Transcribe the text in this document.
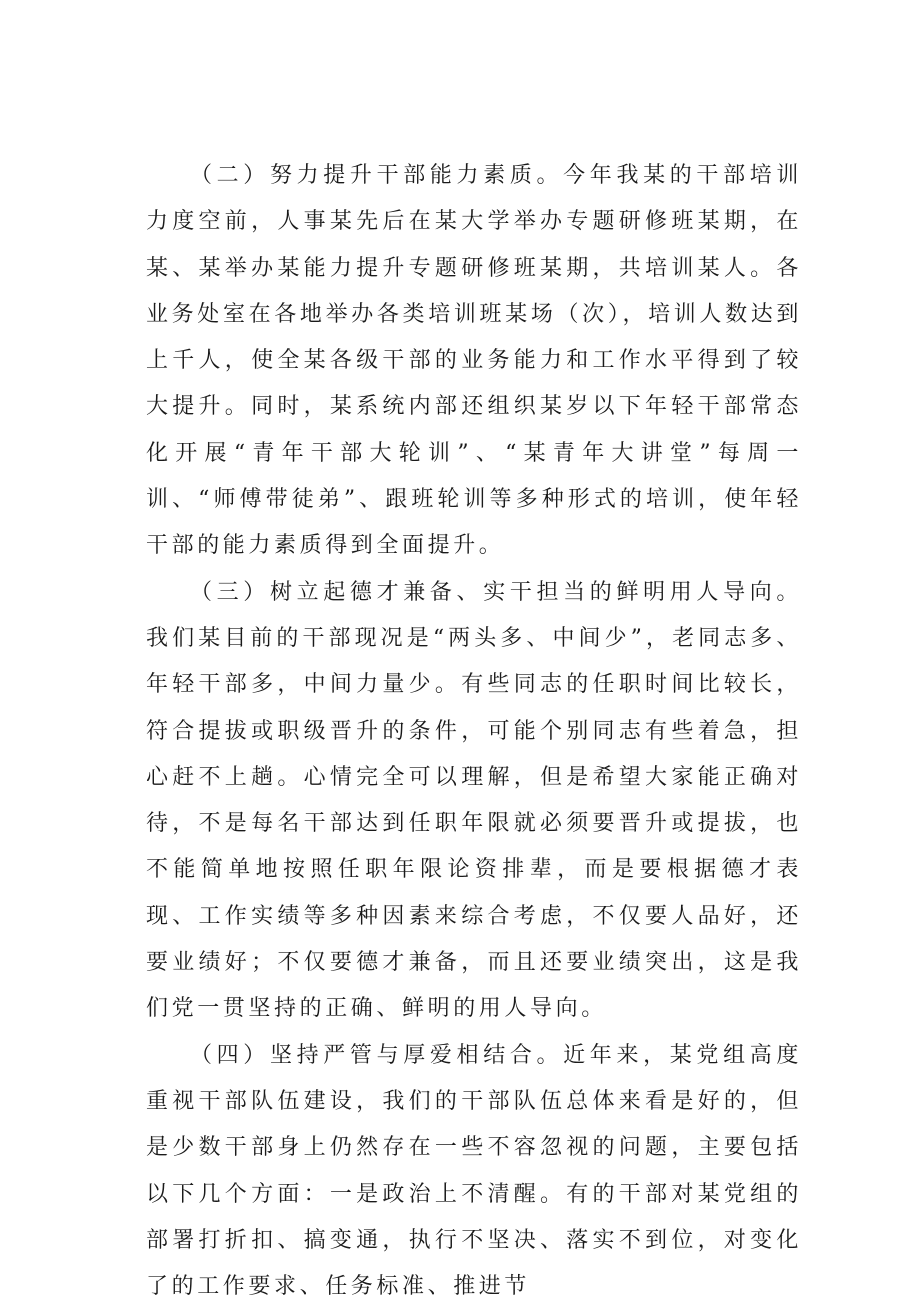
（二）努力提升干部能力素质。今年我某的干部培训力度空前，人事某先后在某大学举办专题研修班某期，在某、某举办某能力提升专题研修班某期，共培训某人。各业务处室在各地举办各类培训班某场（次），培训人数达到上千人，使全某各级干部的业务能力和工作水平得到了较大提升。同时，某系统内部还组织某岁以下年轻干部常态化开展“青年干部大轮训”、“某青年大讲堂”每周一训、“师傅带徒弟”、跟班轮训等多种形式的培训，使年轻干部的能力素质得到全面提升。

（三）树立起德才兼备、实干担当的鲜明用人导向。我们某目前的干部现况是“两头多、中间少”，老同志多、年轻干部多，中间力量少。有些同志的任职时间比较长，符合提拔或职级晋升的条件，可能个别同志有些着急，担心赶不上趟。心情完全可以理解，但是希望大家能正确对待，不是每名干部达到任职年限就必须要晋升或提拔，也不能简单地按照任职年限论资排辈，而是要根据德才表现、工作实绩等多种因素来综合考虑，不仅要人品好，还要业绩好；不仅要德才兼备，而且还要业绩突出，这是我们党一贯坚持的正确、鲜明的用人导向。

（四）坚持严管与厚爱相结合。近年来，某党组高度重视干部队伍建设，我们的干部队伍总体来看是好的，但是少数干部身上仍然存在一些不容忽视的问题，主要包括以下几个方面：一是政治上不清醒。有的干部对某党组的部署打折扣、搞变通，执行不坚决、落实不到位，对变化了的工作要求、任务标准、推进节
